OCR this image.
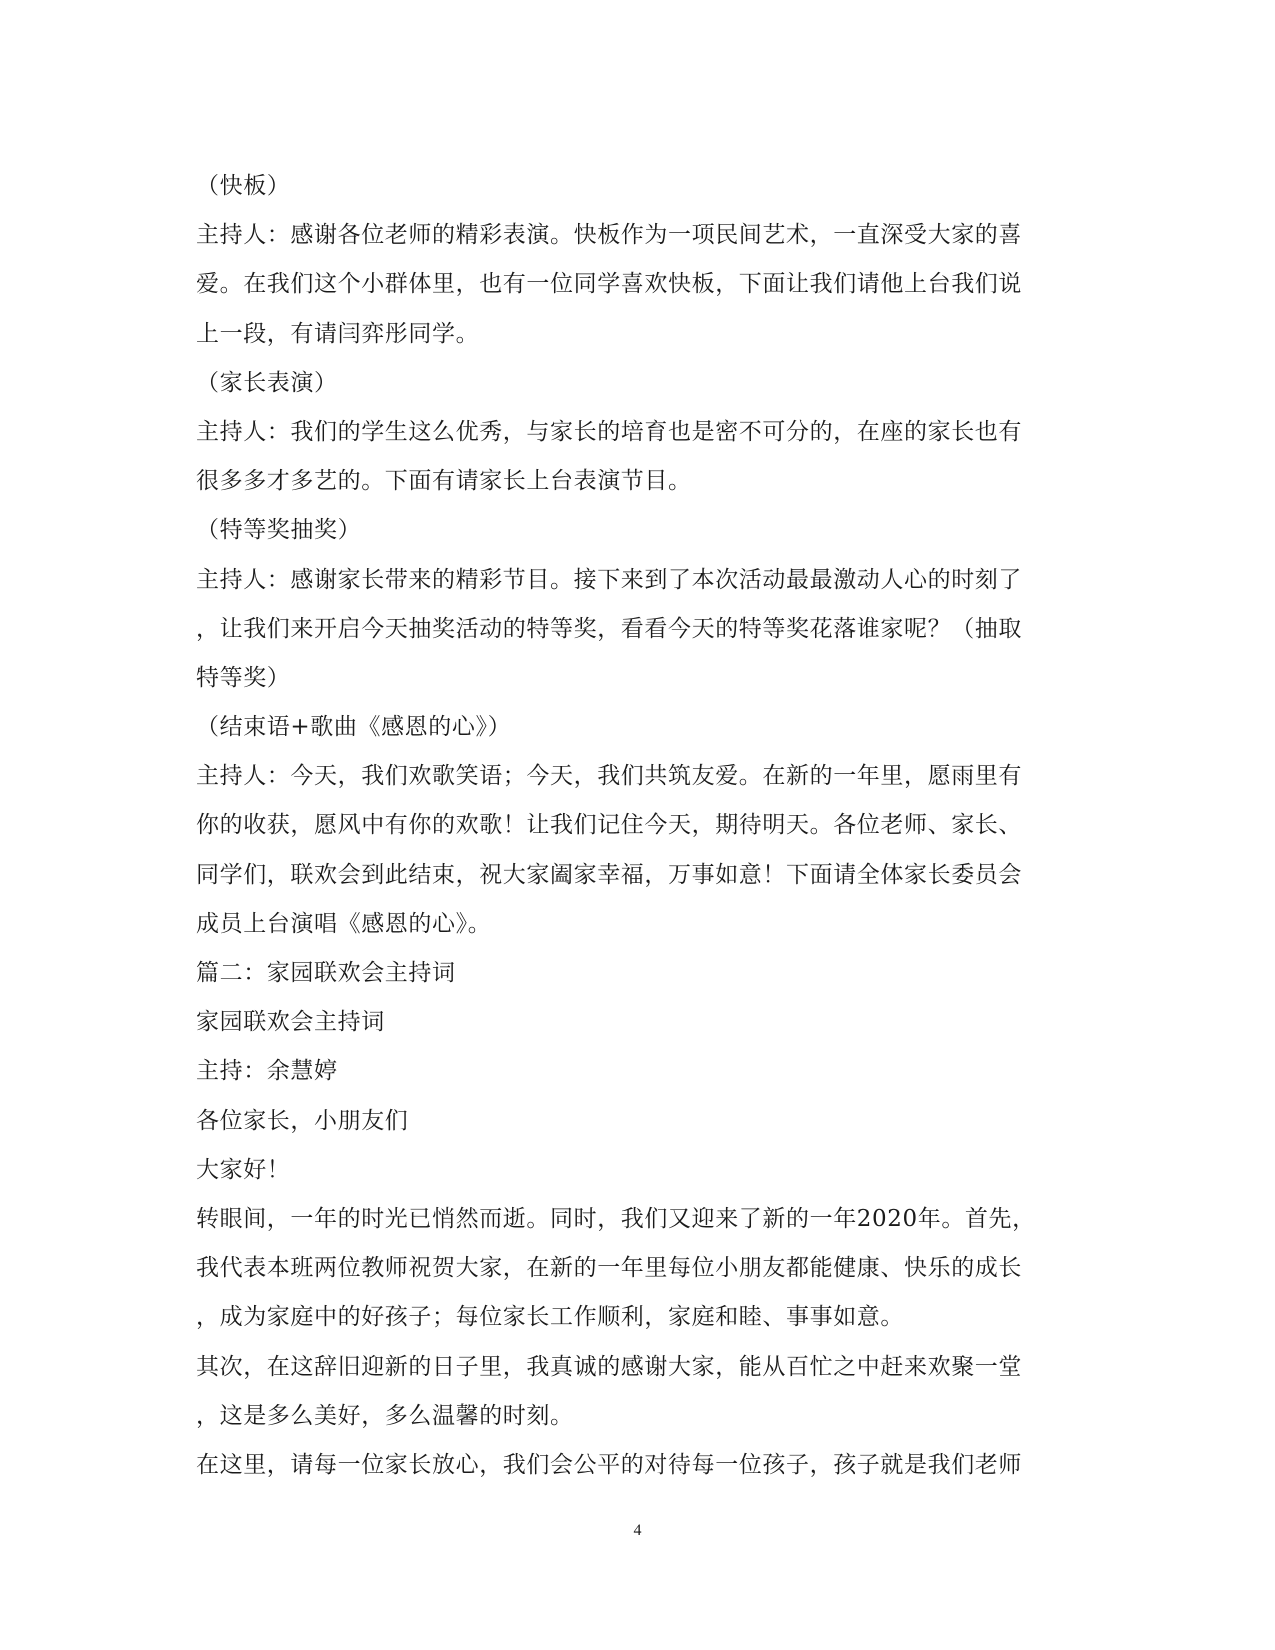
（快板）
主持人：感谢各位老师的精彩表演。快板作为一项民间艺术，一直深受大家的喜
爱。在我们这个小群体里，也有一位同学喜欢快板，下面让我们请他上台我们说
上一段，有请闫弈彤同学。
（家长表演）
主持人：我们的学生这么优秀，与家长的培育也是密不可分的，在座的家长也有
很多多才多艺的。下面有请家长上台表演节目。
（特等奖抽奖）
主持人：感谢家长带来的精彩节目。接下来到了本次活动最最激动人心的时刻了
，让我们来开启今天抽奖活动的特等奖，看看今天的特等奖花落谁家呢？（抽取
特等奖）
（结束语+歌曲《感恩的心》）
主持人：今天，我们欢歌笑语；今天，我们共筑友爱。在新的一年里，愿雨里有
你的收获，愿风中有你的欢歌！让我们记住今天，期待明天。各位老师、家长、
同学们，联欢会到此结束，祝大家阖家幸福，万事如意！下面请全体家长委员会
成员上台演唱《感恩的心》。
篇二：家园联欢会主持词
家园联欢会主持词
主持：余慧婷
各位家长，小朋友们
大家好！
转眼间，一年的时光已悄然而逝。同时，我们又迎来了新的一年2020年。首先，
我代表本班两位教师祝贺大家，在新的一年里每位小朋友都能健康、快乐的成长
，成为家庭中的好孩子；每位家长工作顺利，家庭和睦、事事如意。
其次，在这辞旧迎新的日子里，我真诚的感谢大家，能从百忙之中赶来欢聚一堂
，这是多么美好，多么温馨的时刻。
在这里，请每一位家长放心，我们会公平的对待每一位孩子，孩子就是我们老师
4
